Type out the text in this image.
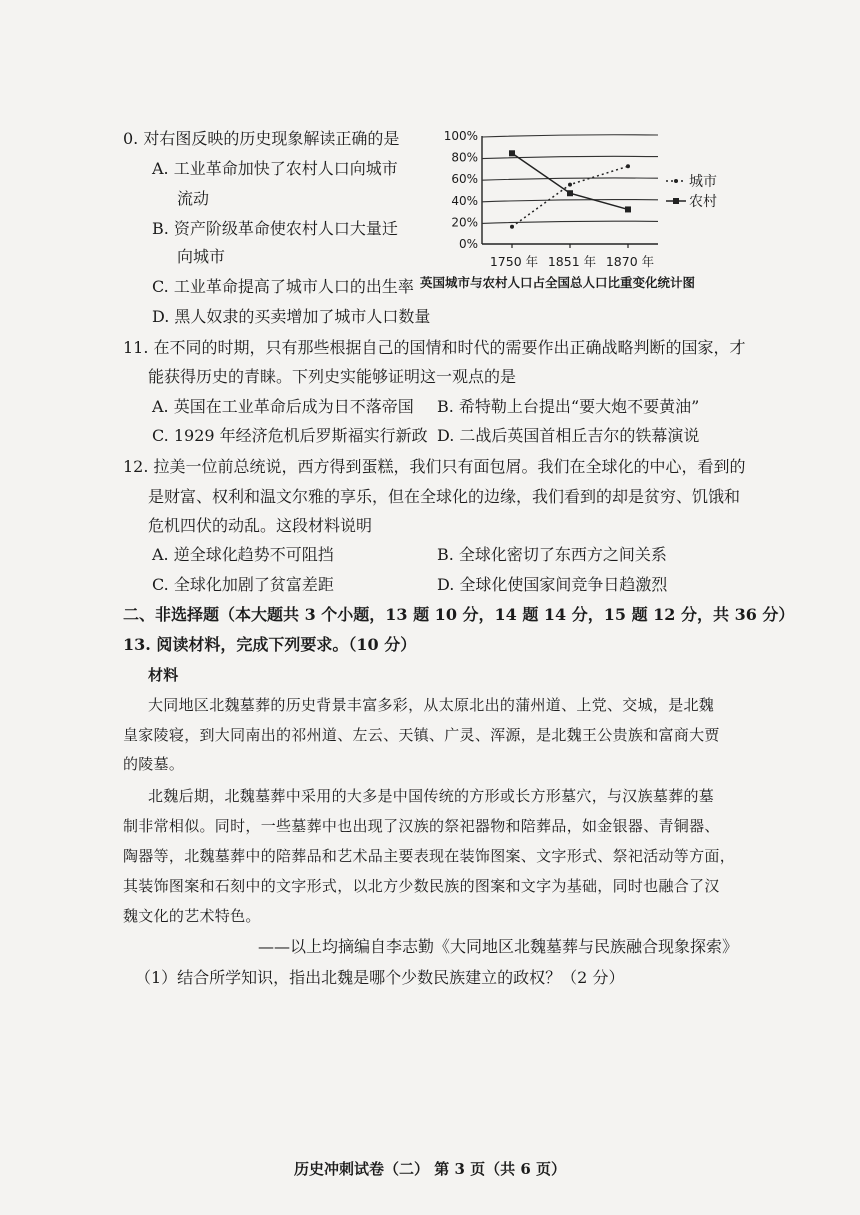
0. 对右图反映的历史现象解读正确的是
A. 工业革命加快了农村人口向城市
流动
B. 资产阶级革命使农村人口大量迁
向城市
C. 工业革命提高了城市人口的出生率
D. 黑人奴隶的买卖增加了城市人口数量
0%
20%
40%
60%
80%
100%
1750 年 1851 年 1870 年
城市
农村
英国城市与农村人口占全国总人口比重变化统计图
11. 在不同的时期，只有那些根据自己的国情和时代的需要作出正确战略判断的国家，才
能获得历史的青睐。下列史实能够证明这一观点的是
A. 英国在工业革命后成为日不落帝国 B. 希特勒上台提出“要大炮不要黄油”
C. 1929 年经济危机后罗斯福实行新政 D. 二战后英国首相丘吉尔的铁幕演说
12. 拉美一位前总统说，西方得到蛋糕，我们只有面包屑。我们在全球化的中心，看到的
是财富、权利和温文尔雅的享乐，但在全球化的边缘，我们看到的却是贫穷、饥饿和
危机四伏的动乱。这段材料说明
A. 逆全球化趋势不可阻挡	B. 全球化密切了东西方之间关系
C. 全球化加剧了贫富差距	D. 全球化使国家间竞争日趋激烈
二、非选择题（本大题共 3 个小题，13 题 10 分，14 题 14 分，15 题 12 分，共 36 分）
13. 阅读材料，完成下列要求。（10 分）
材料
大同地区北魏墓葬的历史背景丰富多彩，从太原北出的蒲州道、上党、交城，是北魏
皇家陵寝，到大同南出的祁州道、左云、天镇、广灵、浑源，是北魏王公贵族和富商大贾
的陵墓。
北魏后期，北魏墓葬中采用的大多是中国传统的方形或长方形墓穴，与汉族墓葬的墓
制非常相似。同时，一些墓葬中也出现了汉族的祭祀器物和陪葬品，如金银器、青铜器、
陶器等，北魏墓葬中的陪葬品和艺术品主要表现在装饰图案、文字形式、祭祀活动等方面，
其装饰图案和石刻中的文字形式，以北方少数民族的图案和文字为基础，同时也融合了汉
魏文化的艺术特色。
——以上均摘编自李志勤《大同地区北魏墓葬与民族融合现象探索》
（1）结合所学知识，指出北魏是哪个少数民族建立的政权？（2 分）
历史冲刺试卷（二） 第 3 页（共 6 页）
